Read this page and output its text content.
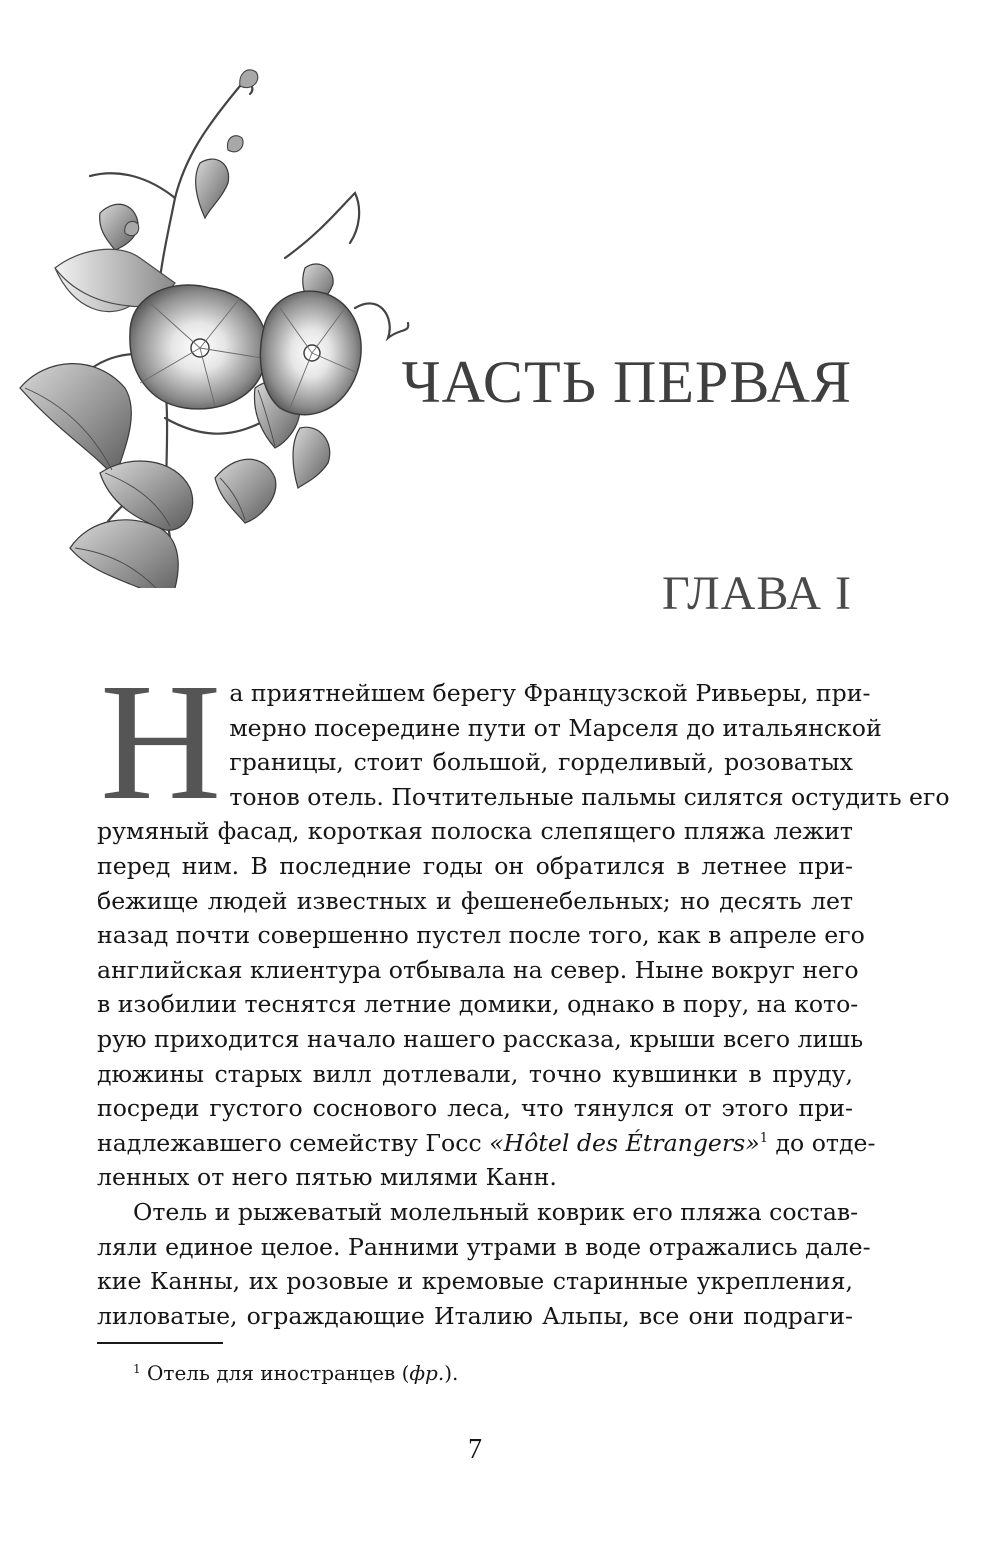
ЧАСТЬ ПЕРВАЯ
ГЛАВА I
Н а приятнейшем берегу Французской Ривьеры, при-
мерно посередине пути от Марселя до итальянской
границы, стоит большой, горделивый, розоватых
тонов отель. Почтительные пальмы силятся остудить его
румяный фасад, короткая полоска слепящего пляжа лежит
перед ним. В последние годы он обратился в летнее при-
бежище людей известных и фешенебельных; но десять лет
назад почти совершенно пустел после того, как в апреле его
английская клиентура отбывала на север. Ныне вокруг него
в изобилии теснятся летние домики, однако в пору, на кото-
рую приходится начало нашего рассказа, крыши всего лишь
дюжины старых вилл дотлевали, точно кувшинки в пруду,
посреди густого соснового леса, что тянулся от этого при-
надлежавшего семейству Госс «Hôtel des Étrangers»$^1$ до отде-
ленных от него пятью милями Канн.
Отель и рыжеватый молельный коврик его пляжа состав-
ляли единое целое. Ранними утрами в воде отражались дале-
кие Канны, их розовые и кремовые старинные укрепления,
лиловатые, ограждающие Италию Альпы, все они подраги-
$^1$ Отель для иностранцев (фр.).
7
